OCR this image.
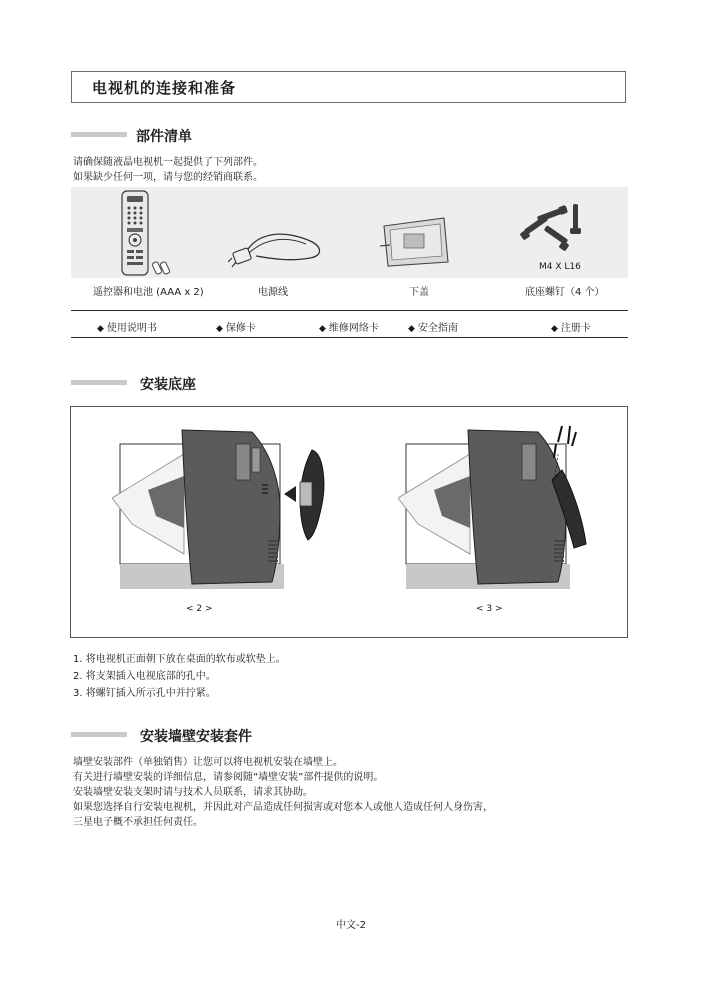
电视机的连接和准备
部件清单
请确保随液晶电视机一起提供了下列部件。
如果缺少任何一项，请与您的经销商联系。
M4 X L16
遥控器和电池 (AAA x 2)	电源线	下盖	底座螺钉（4 个）
◆ 使用说明书	◆ 保修卡	◆ 维修网络卡	◆ 安全指南	◆ 注册卡
安装底座
< 2 >	< 3 >
1. 将电视机正面朝下放在桌面的软布或软垫上。
2. 将支架插入电视底部的孔中。
3. 将螺钉插入所示孔中并拧紧。
安装墙壁安装套件
墙壁安装部件（单独销售）让您可以将电视机安装在墙壁上。
有关进行墙壁安装的详细信息，请参阅随“墙壁安装”部件提供的说明。
安装墙壁安装支架时请与技术人员联系，请求其协助。
如果您选择自行安装电视机，并因此对产品造成任何损害或对您本人或他人造成任何人身伤害，
三星电子概不承担任何责任。
中文-2
